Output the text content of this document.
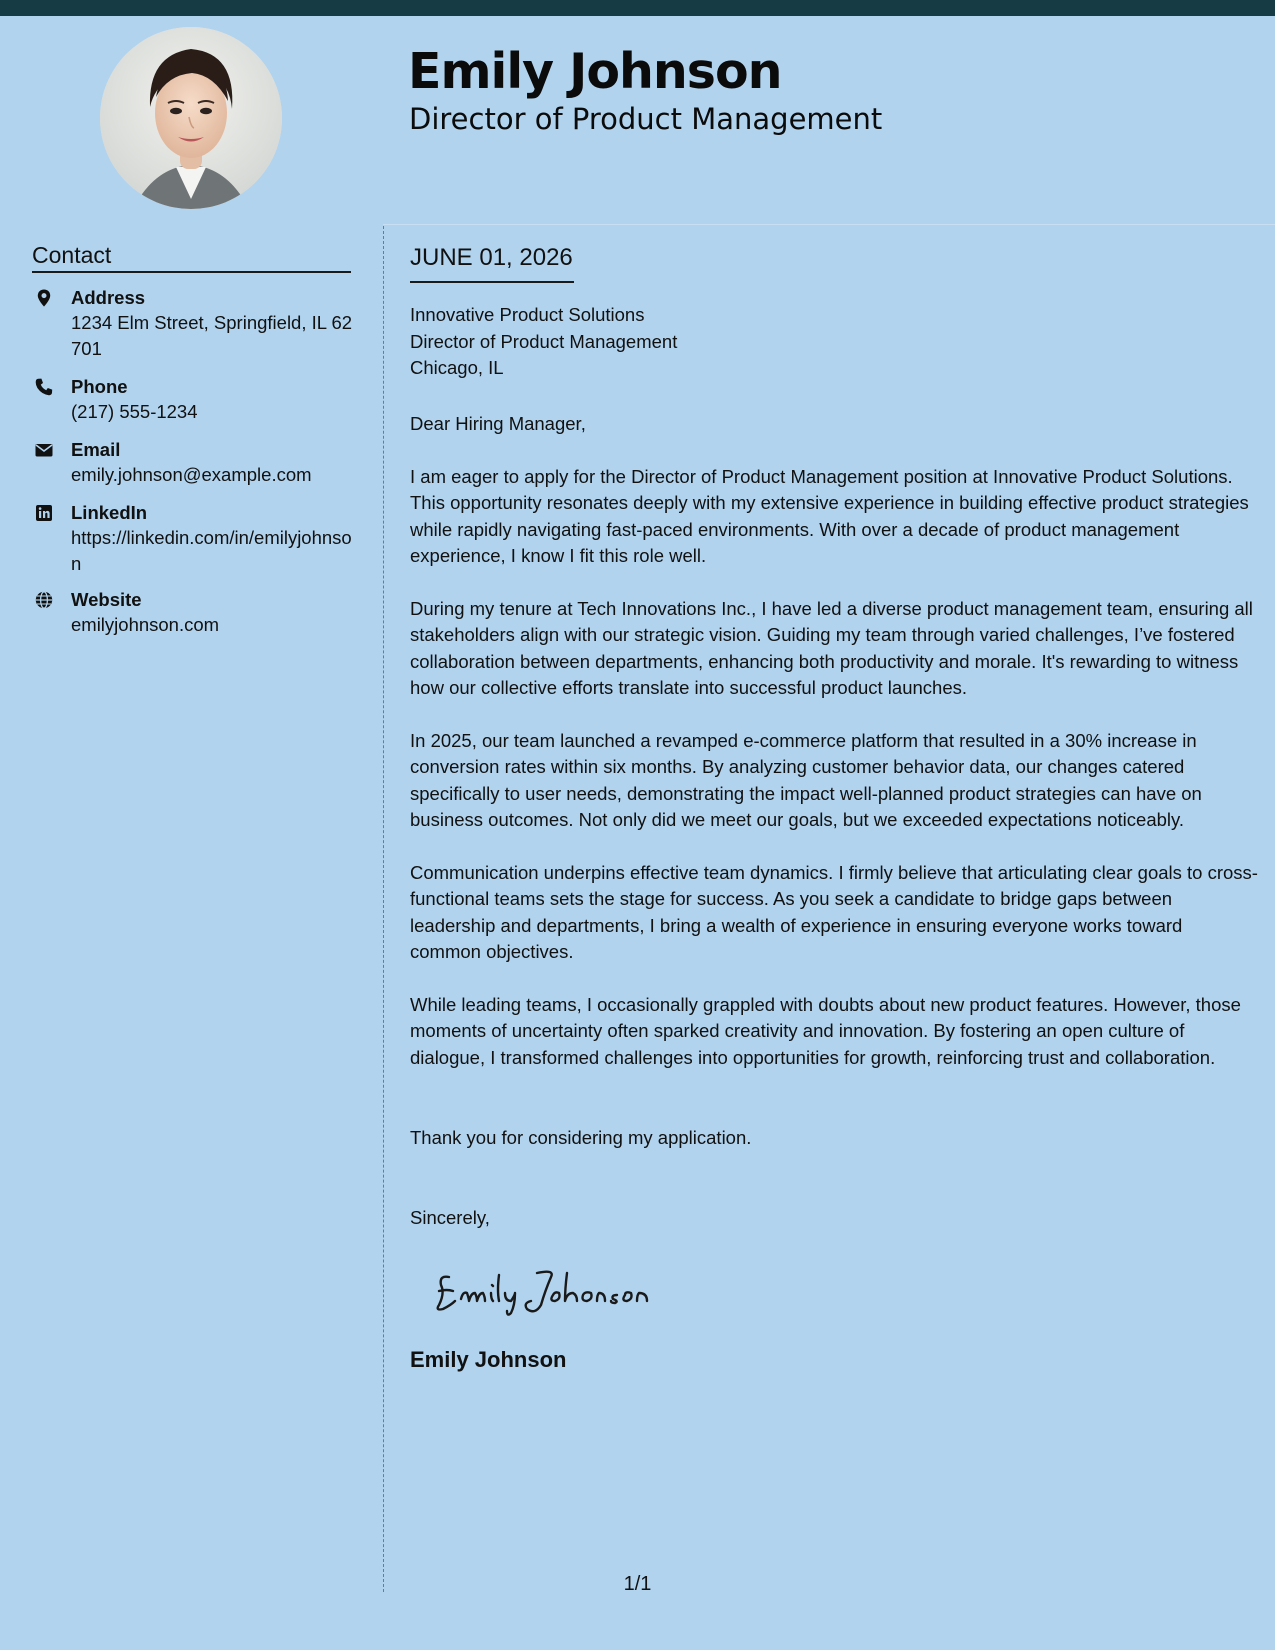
Emily Johnson
Director of Product Management
Contact
Address
1234 Elm Street, Springfield, IL 62701
Phone
(217) 555-1234
Email
emily.johnson@example.com
LinkedIn
https://linkedin.com/in/emilyjohnson
Website
emilyjohnson.com
JUNE 01, 2026
Innovative Product Solutions
Director of Product Management
Chicago, IL
Dear Hiring Manager,
I am eager to apply for the Director of Product Management position at Innovative Product Solutions. This opportunity resonates deeply with my extensive experience in building effective product strategies while rapidly navigating fast-paced environments. With over a decade of product management experience, I know I fit this role well.
During my tenure at Tech Innovations Inc., I have led a diverse product management team, ensuring all stakeholders align with our strategic vision. Guiding my team through varied challenges, I’ve fostered collaboration between departments, enhancing both productivity and morale. It's rewarding to witness how our collective efforts translate into successful product launches.
In 2025, our team launched a revamped e-commerce platform that resulted in a 30% increase in conversion rates within six months. By analyzing customer behavior data, our changes catered specifically to user needs, demonstrating the impact well-planned product strategies can have on business outcomes. Not only did we meet our goals, but we exceeded expectations noticeably.
Communication underpins effective team dynamics. I firmly believe that articulating clear goals to cross-functional teams sets the stage for success. As you seek a candidate to bridge gaps between leadership and departments, I bring a wealth of experience in ensuring everyone works toward common objectives.
While leading teams, I occasionally grappled with doubts about new product features. However, those moments of uncertainty often sparked creativity and innovation. By fostering an open culture of dialogue, I transformed challenges into opportunities for growth, reinforcing trust and collaboration.
Thank you for considering my application.
Sincerely,
Emily Johnson
1/1
